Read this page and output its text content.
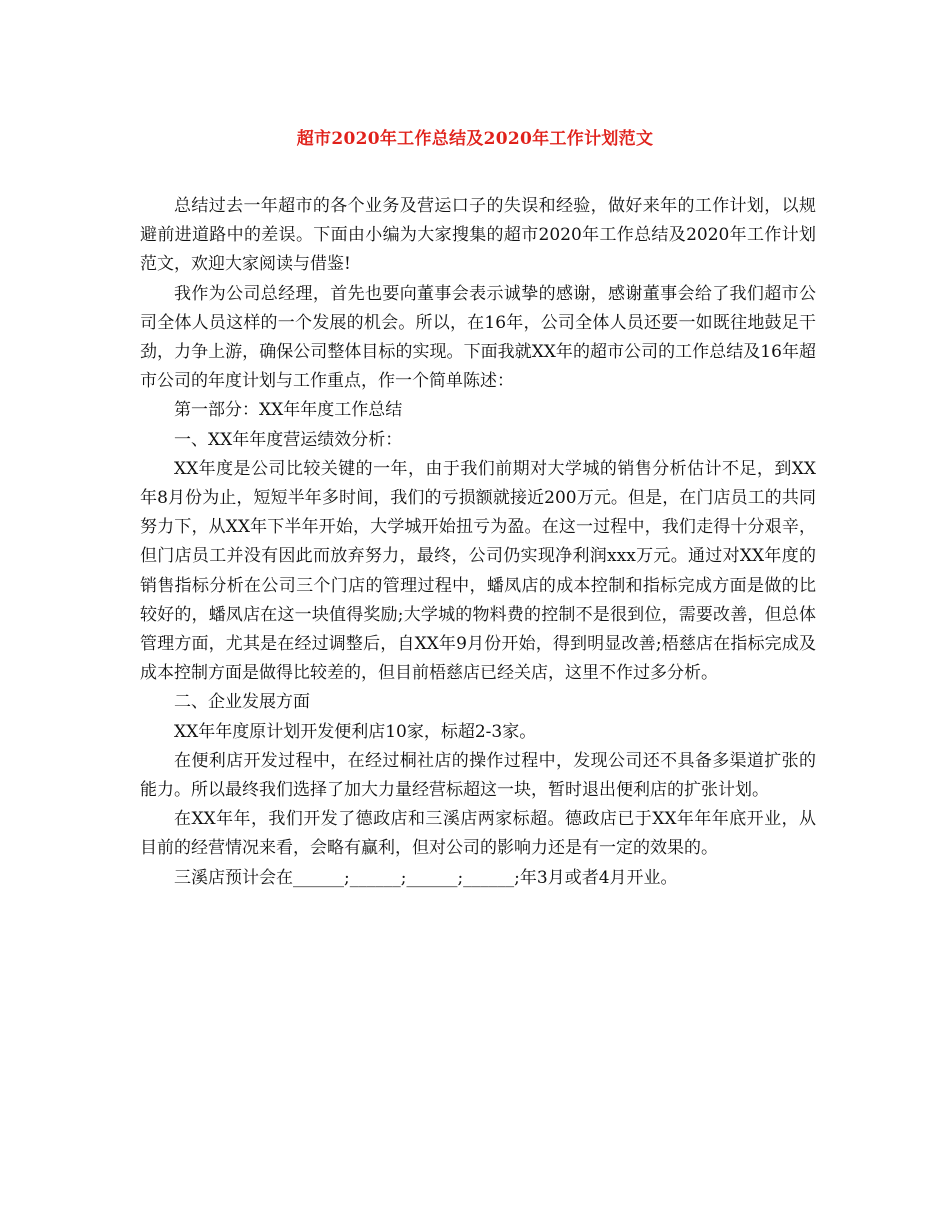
超市2020年工作总结及2020年工作计划范文

总结过去一年超市的各个业务及营运口子的失误和经验，做好来年的工作计划，以规避前进道路中的差误。下面由小编为大家搜集的超市2020年工作总结及2020年工作计划范文，欢迎大家阅读与借鉴!

我作为公司总经理，首先也要向董事会表示诚挚的感谢，感谢董事会给了我们超市公司全体人员这样的一个发展的机会。所以，在16年，公司全体人员还要一如既往地鼓足干劲，力争上游，确保公司整体目标的实现。下面我就XX年的超市公司的工作总结及16年超市公司的年度计划与工作重点，作一个简单陈述：

第一部分：XX年年度工作总结

一、XX年年度营运绩效分析：

XX年度是公司比较关键的一年，由于我们前期对大学城的销售分析估计不足，到XX年8月份为止，短短半年多时间，我们的亏损额就接近200万元。但是，在门店员工的共同努力下，从XX年下半年开始，大学城开始扭亏为盈。在这一过程中，我们走得十分艰辛，但门店员工并没有因此而放弃努力，最终，公司仍实现净利润xxx万元。通过对XX年度的销售指标分析在公司三个门店的管理过程中，蟠凤店的成本控制和指标完成方面是做的比较好的，蟠凤店在这一块值得奖励;大学城的物料费的控制不是很到位，需要改善，但总体管理方面，尤其是在经过调整后，自XX年9月份开始，得到明显改善;梧慈店在指标完成及成本控制方面是做得比较差的，但目前梧慈店已经关店，这里不作过多分析。

二、企业发展方面

XX年年度原计划开发便利店10家，标超2-3家。

在便利店开发过程中，在经过桐社店的操作过程中，发现公司还不具备多渠道扩张的能力。所以最终我们选择了加大力量经营标超这一块，暂时退出便利店的扩张计划。

在XX年年，我们开发了德政店和三溪店两家标超。德政店已于XX年年年底开业，从目前的经营情况来看，会略有赢利，但对公司的影响力还是有一定的效果的。

三溪店预计会在______;______;______;______;年3月或者4月开业。
